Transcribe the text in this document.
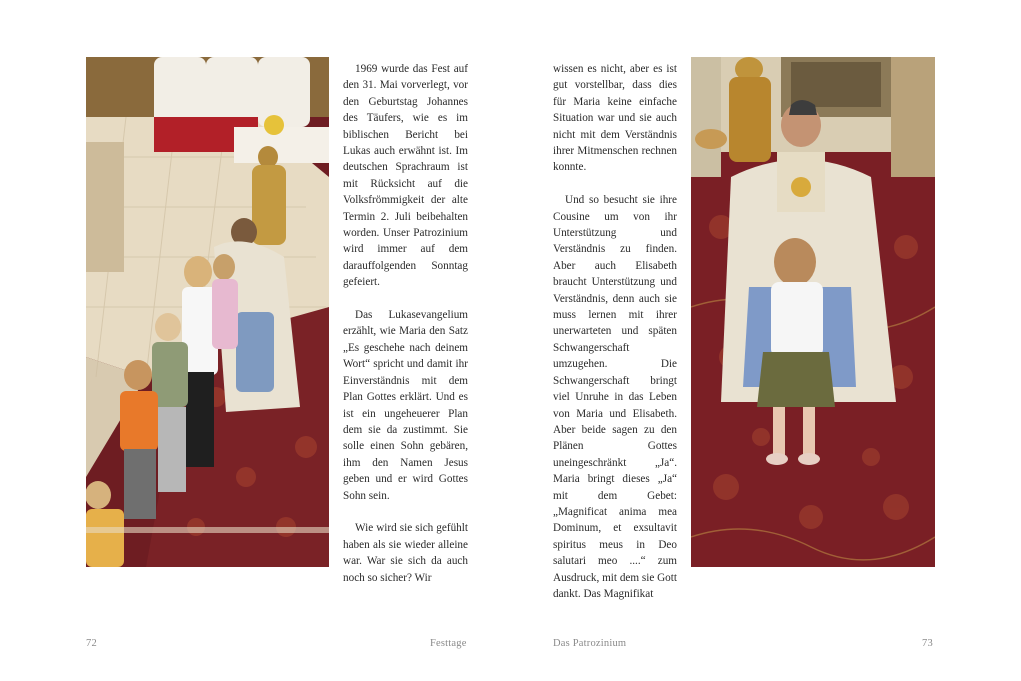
1969 wurde das Fest auf den 31. Mai vorverlegt, vor den Geburtstag Johannes des Täufers, wie es im biblischen Bericht bei Lukas auch erwähnt ist. Im deutschen Sprachraum ist mit Rücksicht auf die Volksfrömmigkeit der alte Termin 2. Juli beibehalten worden. Unser Patrozinium wird immer auf dem darauffolgenden Sonntag gefeiert.

Das Lukasevangelium erzählt, wie Maria den Satz „Es geschehe nach deinem Wort“ spricht und damit ihr Einverständnis mit dem Plan Gottes erklärt. Und es ist ein ungeheuerer Plan dem sie da zustimmt. Sie solle einen Sohn gebären, ihm den Namen Jesus geben und er wird Gottes Sohn sein.

Wie wird sie sich gefühlt haben als sie wieder alleine war. War sie sich da auch noch so sicher? Wir

wissen es nicht, aber es ist gut vorstellbar, dass dies für Maria keine einfache Situation war und sie auch nicht mit dem Verständnis ihrer Mitmenschen rechnen konnte.

Und so besucht sie ihre Cousine um von ihr Unterstützung und Verständnis zu finden. Aber auch Elisabeth braucht Unterstützung und Verständnis, denn auch sie muss lernen mit ihrer unerwarteten und späten Schwangerschaft umzugehen. Die Schwangerschaft bringt viel Unruhe in das Leben von Maria und Elisabeth. Aber beide sagen zu den Plänen Gottes uneingeschränkt „Ja“. Maria bringt dieses „Ja“ mit dem Gebet: „Magnificat anima mea Dominum, et exsultavit spiritus meus in Deo salutari meo ....“ zum Ausdruck, mit dem sie Gott dankt. Das Magnifikat

72	Festtage	Das Patrozinium	73
